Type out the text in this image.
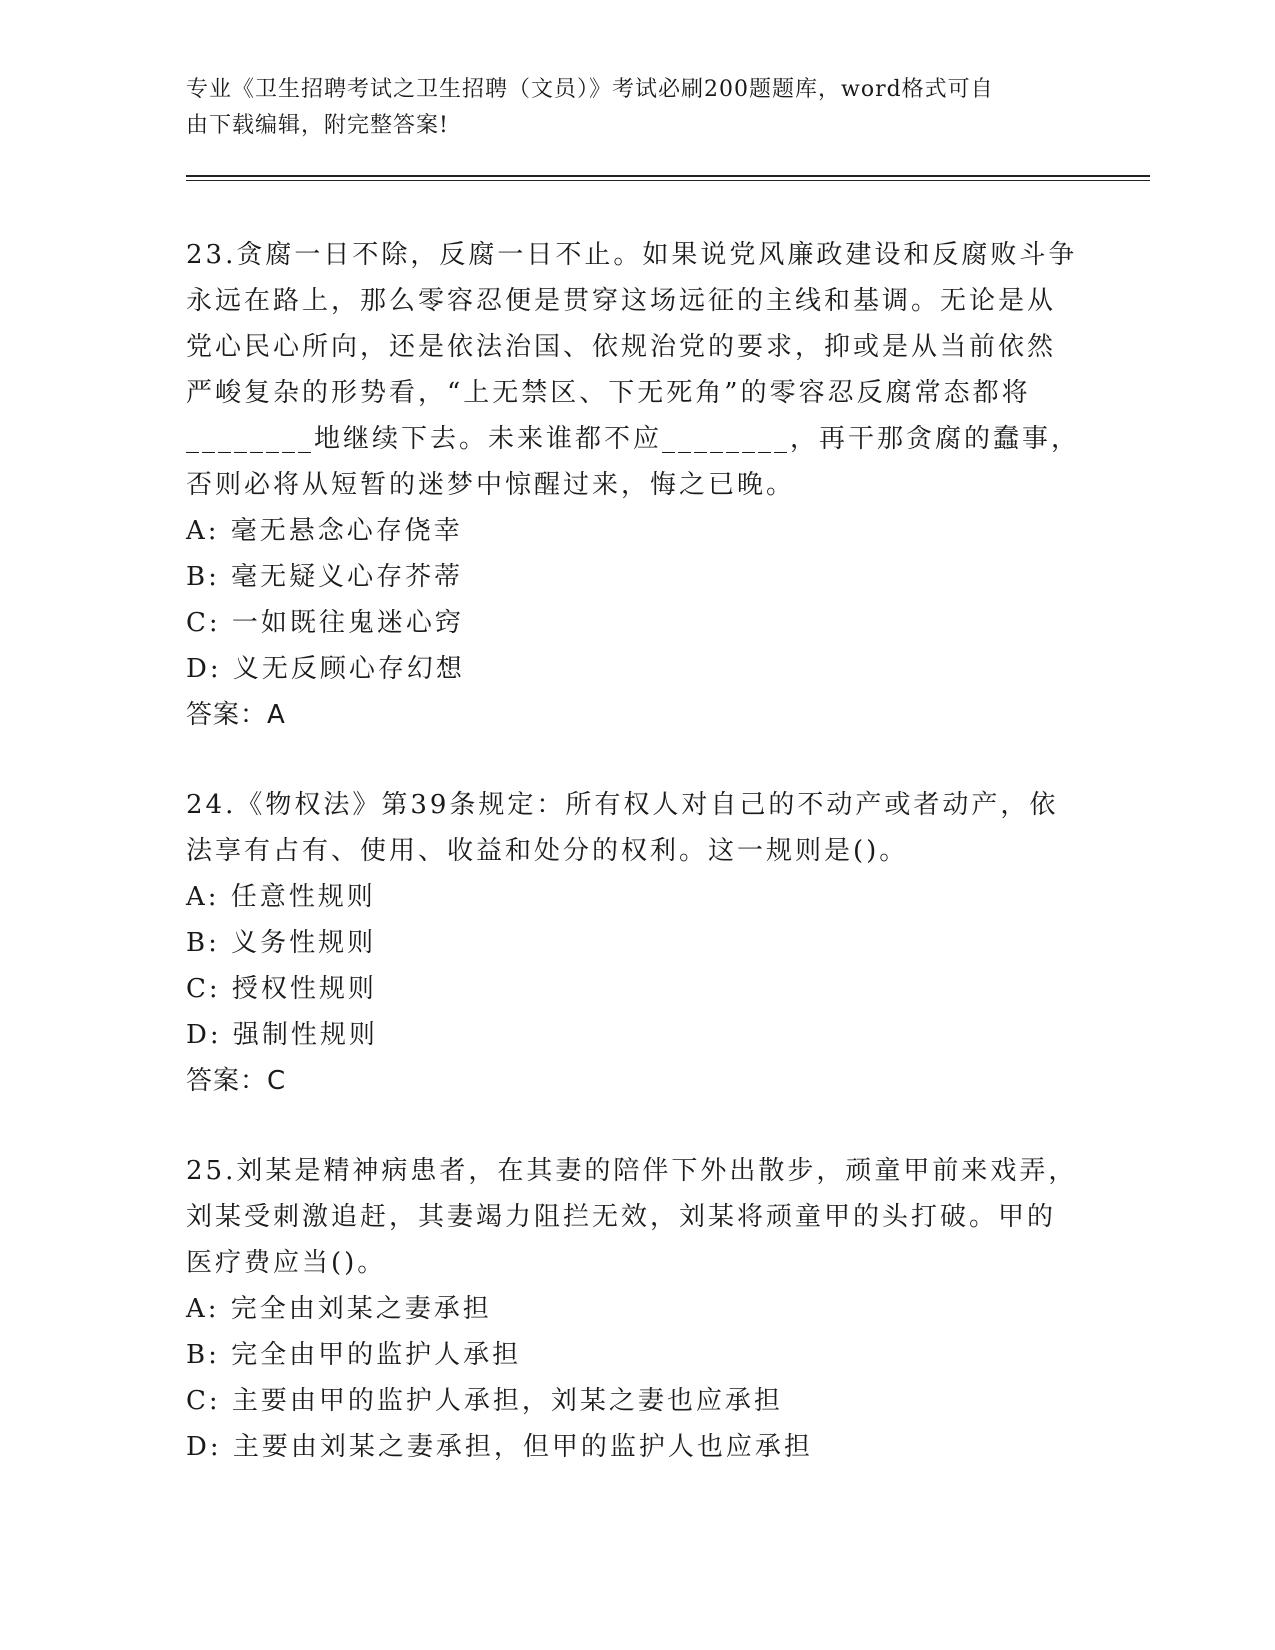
专业《卫生招聘考试之卫生招聘（文员）》考试必刷200题题库，word格式可自
由下载编辑，附完整答案!

23.贪腐一日不除，反腐一日不止。如果说党风廉政建设和反腐败斗争

永远在路上，那么零容忍便是贯穿这场远征的主线和基调。无论是从

党心民心所向，还是依法治国、依规治党的要求，抑或是从当前依然

严峻复杂的形势看，“上无禁区、下无死角”的零容忍反腐常态都将

________地继续下去。未来谁都不应________，再干那贪腐的蠢事，

否则必将从短暂的迷梦中惊醒过来，悔之已晚。

A: 毫无悬念心存侥幸

B: 毫无疑义心存芥蒂

C: 一如既往鬼迷心窍

D: 义无反顾心存幻想

答案：A

24.《物权法》第39条规定：所有权人对自己的不动产或者动产，依

法享有占有、使用、收益和处分的权利。这一规则是()。

A: 任意性规则

B: 义务性规则

C: 授权性规则

D: 强制性规则

答案：C

25.刘某是精神病患者，在其妻的陪伴下外出散步，顽童甲前来戏弄，

刘某受刺激追赶，其妻竭力阻拦无效，刘某将顽童甲的头打破。甲的

医疗费应当()。

A: 完全由刘某之妻承担

B: 完全由甲的监护人承担

C: 主要由甲的监护人承担，刘某之妻也应承担

D: 主要由刘某之妻承担，但甲的监护人也应承担
